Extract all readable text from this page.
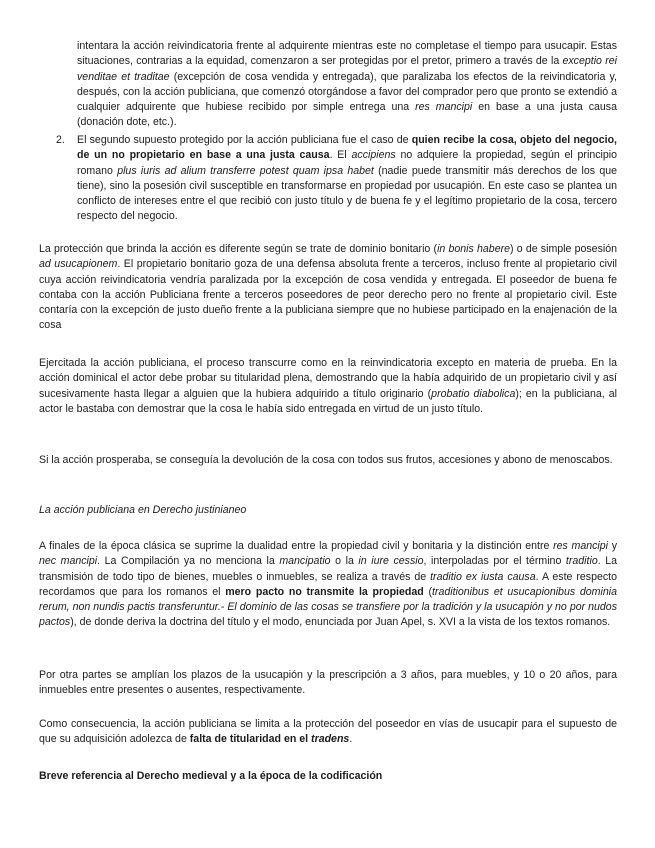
intentara la acción reivindicatoria frente al adquirente mientras este no completase el tiempo para usucapir. Estas situaciones, contrarias a la equidad, comenzaron a ser protegidas por el pretor, primero a través de la exceptio rei venditae et traditae (excepción de cosa vendida y entregada), que paralizaba los efectos de la reivindicatoria y, después, con la acción publiciana, que comenzó otorgándose a favor del comprador pero que pronto se extendió a cualquier adquirente que hubiese recibido por simple entrega una res mancipi en base a una justa causa (donación dote, etc.).

2.	El segundo supuesto protegido por la acción publiciana fue el caso de quien recibe la cosa, objeto del negocio, de un no propietario en base a una justa causa. El accipiens no adquiere la propiedad, según el principio romano plus iuris ad alium transferre potest quam ipsa habet (nadie puede transmitir más derechos de los que tiene), sino la posesión civil susceptible en transformarse en propiedad por usucapión. En este caso se plantea un conflicto de intereses entre el que recibió con justo título y de buena fe y el legítimo propietario de la cosa, tercero respecto del negocio.

La protección que brinda la acción es diferente según se trate de dominio bonitario (in bonis habere) o de simple posesión ad usucapionem. El propietario bonitario goza de una defensa absoluta frente a terceros, incluso frente al propietario civil cuya acción reivindicatoria vendría paralizada por la excepción de cosa vendida y entregada. El poseedor de buena fe contaba con la acción Publiciana frente a terceros poseedores de peor derecho pero no frente al propietario civil. Este contaría con la excepción de justo dueño frente a la publiciana siempre que no hubiese participado en la enajenación de la cosa

Ejercitada la acción publiciana, el proceso transcurre como en la reinvindicatoria excepto en materia de prueba. En la acción dominical el actor debe probar su titularidad plena, demostrando que la había adquirido de un propietario civil y así sucesivamente hasta llegar a alguien que la hubiera adquirido a título originario (probatio diabolica); en la publiciana, al actor le bastaba con demostrar que la cosa le había sido entregada en virtud de un justo título.

Si la acción prosperaba, se conseguía la devolución de la cosa con todos sus frutos, accesiones y abono de menoscabos.

La acción publiciana en Derecho justinianeo

A finales de la época clásica se suprime la dualidad entre la propiedad civil y bonitaria y la distinción entre res mancipi y nec mancipi. La Compilación ya no menciona la mancipatio o la in iure cessio, interpoladas por el término traditio. La transmisión de todo tipo de bienes, muebles o inmuebles, se realiza a través de traditio ex iusta causa. A este respecto recordamos que para los romanos el mero pacto no transmite la propiedad (traditionibus et usucapionibus dominia rerum, non nundis pactis transferuntur.- El dominio de las cosas se transfiere por la tradición y la usucapión y no por nudos pactos), de donde deriva la doctrina del título y el modo, enunciada por Juan Apel, s. XVI a la vista de los textos romanos.

Por otra partes se amplían los plazos de la usucapión y la prescripción a 3 años, para muebles, y 10 o 20 años, para inmuebles entre presentes o ausentes, respectivamente.

Como consecuencia, la acción publiciana se limita a la protección del poseedor en vías de usucapir para el supuesto de que su adquisición adolezca de falta de titularidad en el tradens.

Breve referencia al Derecho medieval y a la época de la codificación
